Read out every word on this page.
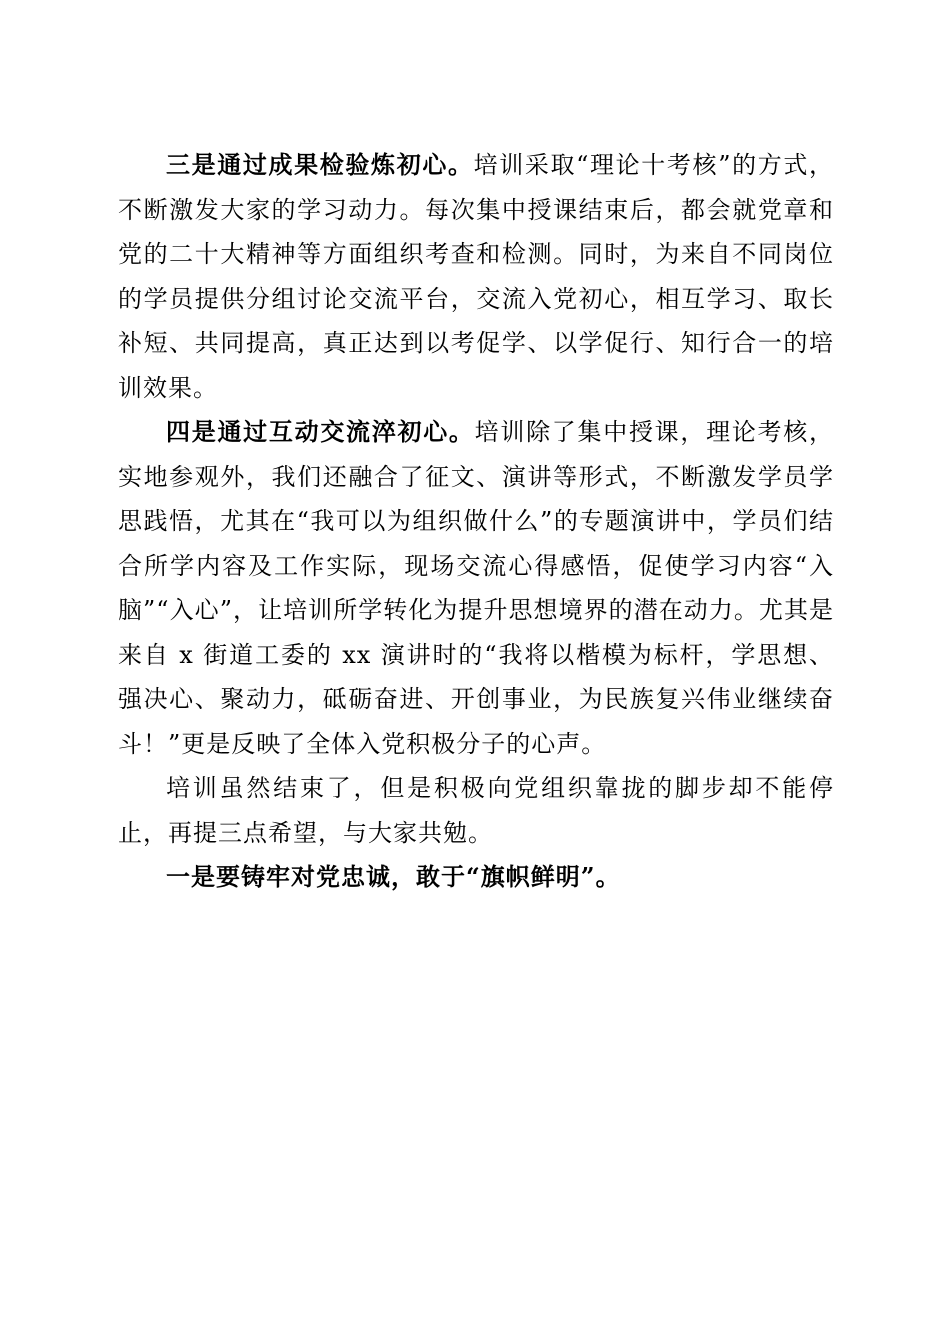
三是通过成果检验炼初心。培训采取“理论十考核”的方式，不断激发大家的学习动力。每次集中授课结束后，都会就党章和党的二十大精神等方面组织考查和检测。同时，为来自不同岗位的学员提供分组讨论交流平台，交流入党初心，相互学习、取长补短、共同提高，真正达到以考促学、以学促行、知行合一的培训效果。

四是通过互动交流淬初心。培训除了集中授课，理论考核，实地参观外，我们还融合了征文、演讲等形式，不断激发学员学思践悟，尤其在“我可以为组织做什么”的专题演讲中，学员们结合所学内容及工作实际，现场交流心得感悟，促使学习内容“入脑”“入心”，让培训所学转化为提升思想境界的潜在动力。尤其是来自 x 街道工委的 xx 演讲时的“我将以楷模为标杆，学思想、强决心、聚动力，砥砺奋进、开创事业，为民族复兴伟业继续奋斗！”更是反映了全体入党积极分子的心声。

培训虽然结束了，但是积极向党组织靠拢的脚步却不能停止，再提三点希望，与大家共勉。

一是要铸牢对党忠诚，敢于“旗帜鲜明”。
